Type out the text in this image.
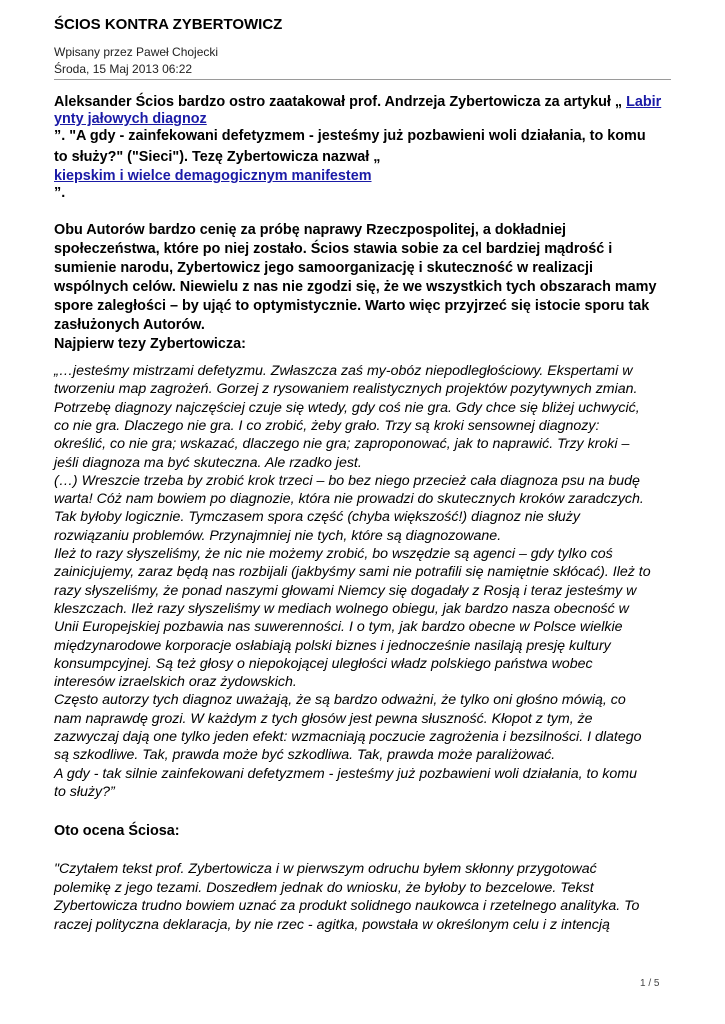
ŚCIOS KONTRA ZYBERTOWICZ
Wpisany przez Paweł Chojecki
Środa, 15 Maj 2013 06:22
Aleksander Ścios bardzo ostro zaatakował prof. Andrzeja Zybertowicza za artykuł „ Labir
ynty jałowych diagnoz
”. "A gdy - zainfekowani defetyzmem - jesteśmy już pozbawieni woli działania, to komu
to służy?" ("Sieci"). Tezę Zybertowicza nazwał „
kiepskim i wielce demagogicznym manifestem
”.
Obu Autorów bardzo cenię za próbę naprawy Rzeczpospolitej, a dokładniej
społeczeństwa, które po niej zostało. Ścios stawia sobie za cel bardziej mądrość i
sumienie narodu, Zybertowicz jego samoorganizację i skuteczność w realizacji
wspólnych celów. Niewielu z nas nie zgodzi się, że we wszystkich tych obszarach mamy
spore zaległości – by ująć to optymistycznie. Warto więc przyjrzeć się istocie sporu tak
zasłużonych Autorów.
Najpierw tezy Zybertowicza:
„…jesteśmy mistrzami defetyzmu. Zwłaszcza zaś my-obóz niepodległościowy. Ekspertami w
tworzeniu map zagrożeń. Gorzej z rysowaniem realistycznych projektów pozytywnych zmian.
Potrzebę diagnozy najczęściej czuje się wtedy, gdy coś nie gra. Gdy chce się bliżej uchwycić,
co nie gra. Dlaczego nie gra. I co zrobić, żeby grało. Trzy są kroki sensownej diagnozy:
określić, co nie gra; wskazać, dlaczego nie gra; zaproponować, jak to naprawić. Trzy kroki –
jeśli diagnoza ma być skuteczna. Ale rzadko jest.
(…) Wreszcie trzeba by zrobić krok trzeci – bo bez niego przecież cała diagnoza psu na budę
warta! Cóż nam bowiem po diagnozie, która nie prowadzi do skutecznych kroków zaradczych.
Tak byłoby logicznie. Tymczasem spora część (chyba większość!) diagnoz nie służy
rozwiązaniu problemów. Przynajmniej nie tych, które są diagnozowane.
Ileż to razy słyszeliśmy, że nic nie możemy zrobić, bo wszędzie są agenci – gdy tylko coś
zainicjujemy, zaraz będą nas rozbijali (jakbyśmy sami nie potrafili się namiętnie skłócać). Ileż to
razy słyszeliśmy, że ponad naszymi głowami Niemcy się dogadały z Rosją i teraz jesteśmy w
kleszczach. Ileż razy słyszeliśmy w mediach wolnego obiegu, jak bardzo nasza obecność w
Unii Europejskiej pozbawia nas suwerenności. I o tym, jak bardzo obecne w Polsce wielkie
międzynarodowe korporacje osłabiają polski biznes i jednocześnie nasilają presję kultury
konsumpcyjnej. Są też głosy o niepokojącej uległości władz polskiego państwa wobec
interesów izraelskich oraz żydowskich.
Często autorzy tych diagnoz uważają, że są bardzo odważni, że tylko oni głośno mówią, co
nam naprawdę grozi. W każdym z tych głosów jest pewna słuszność. Kłopot z tym, że
zazwyczaj dają one tylko jeden efekt: wzmacniają poczucie zagrożenia i bezsilności. I dlatego
są szkodliwe. Tak, prawda może być szkodliwa. Tak, prawda może paraliżować.
A gdy - tak silnie zainfekowani defetyzmem - jesteśmy już pozbawieni woli działania, to komu
to służy?”
Oto ocena Ściosa:
"Czytałem tekst prof. Zybertowicza i w pierwszym odruchu byłem skłonny przygotować
polemikę z jego tezami. Doszedłem jednak do wniosku, że byłoby to bezcelowe. Tekst
Zybertowicza trudno bowiem uznać za produkt solidnego naukowca i rzetelnego analityka. To
raczej polityczna deklaracja, by nie rzec - agitka, powstała w określonym celu i z intencją
1 / 5
